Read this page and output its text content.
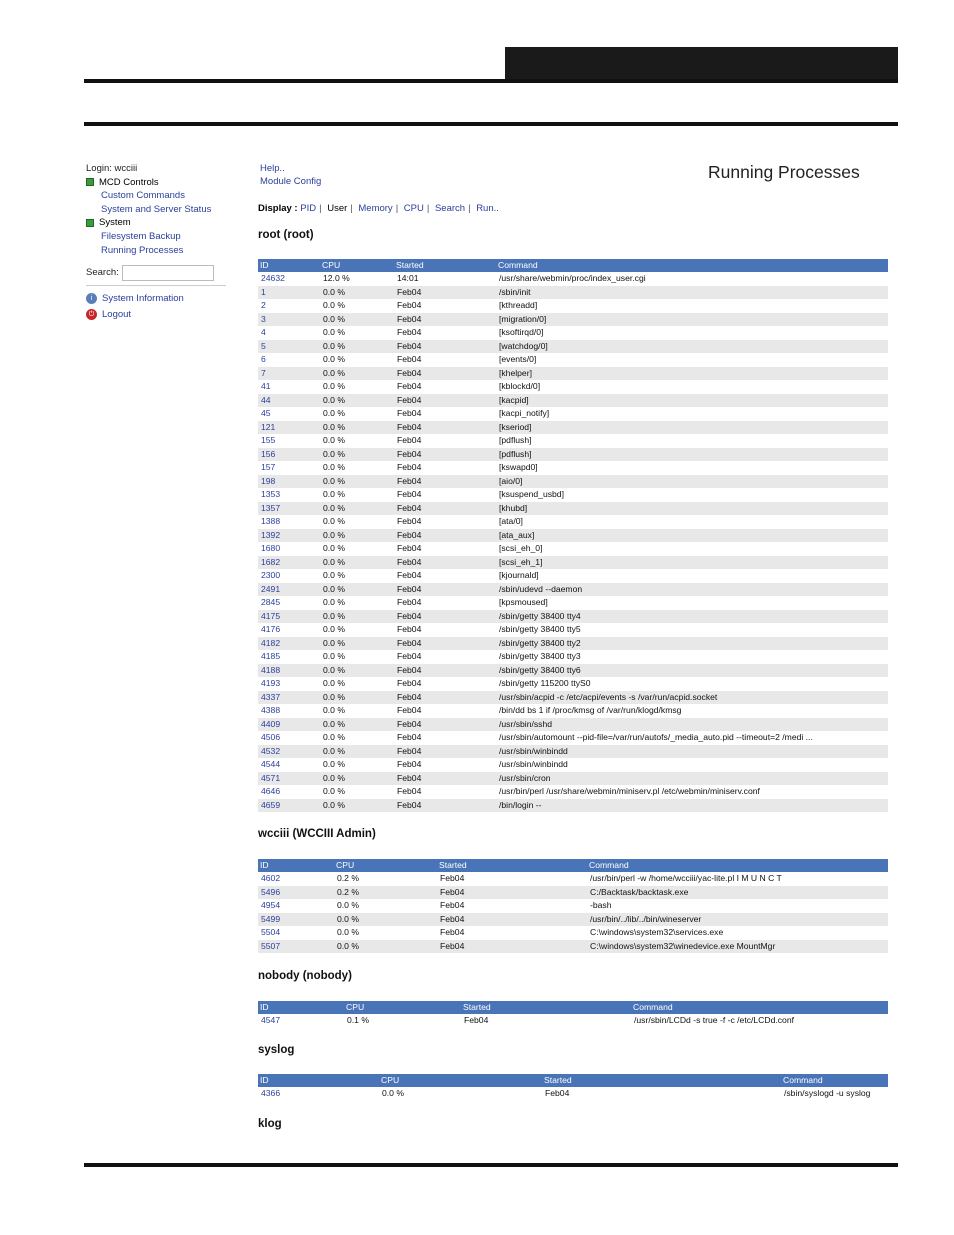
Login: wcciii
MCD Controls
Custom Commands
System and Server Status
System
Filesystem Backup
Running Processes
Search:
i	System Information
⏻ Logout
Help..
Module Config	Running Processes
Display : PID | User | Memory | CPU | Search | Run..
root (root)
ID	CPU	Started	Command
24632	12.0 %	14:01	/usr/share/webmin/proc/index_user.cgi
1	0.0 %	Feb04	/sbin/init
2	0.0 %	Feb04	[kthreadd]
3	0.0 %	Feb04	[migration/0]
4	0.0 %	Feb04	[ksoftirqd/0]
5	0.0 %	Feb04	[watchdog/0]
6	0.0 %	Feb04	[events/0]
7	0.0 %	Feb04	[khelper]
41	0.0 %	Feb04	[kblockd/0]
44	0.0 %	Feb04	[kacpid]
45	0.0 %	Feb04	[kacpi_notify]
121	0.0 %	Feb04	[kseriod]
155	0.0 %	Feb04	[pdflush]
156	0.0 %	Feb04	[pdflush]
157	0.0 %	Feb04	[kswapd0]
198	0.0 %	Feb04	[aio/0]
1353	0.0 %	Feb04	[ksuspend_usbd]
1357	0.0 %	Feb04	[khubd]
1388	0.0 %	Feb04	[ata/0]
1392	0.0 %	Feb04	[ata_aux]
1680	0.0 %	Feb04	[scsi_eh_0]
1682	0.0 %	Feb04	[scsi_eh_1]
2300	0.0 %	Feb04	[kjournald]
2491	0.0 %	Feb04	/sbin/udevd --daemon
2845	0.0 %	Feb04	[kpsmoused]
4175	0.0 %	Feb04	/sbin/getty 38400 tty4
4176	0.0 %	Feb04	/sbin/getty 38400 tty5
4182	0.0 %	Feb04	/sbin/getty 38400 tty2
4185	0.0 %	Feb04	/sbin/getty 38400 tty3
4188	0.0 %	Feb04	/sbin/getty 38400 tty6
4193	0.0 %	Feb04	/sbin/getty 115200 ttyS0
4337	0.0 %	Feb04	/usr/sbin/acpid -c /etc/acpi/events -s /var/run/acpid.socket
4388	0.0 %	Feb04	/bin/dd bs 1 if /proc/kmsg of /var/run/klogd/kmsg
4409	0.0 %	Feb04	/usr/sbin/sshd
4506	0.0 %	Feb04	/usr/sbin/automount --pid-file=/var/run/autofs/_media_auto.pid --timeout=2 /medi ...
4532	0.0 %	Feb04	/usr/sbin/winbindd
4544	0.0 %	Feb04	/usr/sbin/winbindd
4571	0.0 %	Feb04	/usr/sbin/cron
4646	0.0 %	Feb04	/usr/bin/perl /usr/share/webmin/miniserv.pl /etc/webmin/miniserv.conf
4659	0.0 %	Feb04	/bin/login --
wcciii (WCCIII Admin)
ID	CPU	Started	Command
4602	0.2 %	Feb04	/usr/bin/perl -w /home/wcciii/yac-lite.pl I M U N C T
5496	0.2 %	Feb04	C:/Backtask/backtask.exe
4954	0.0 %	Feb04	-bash
5499	0.0 %	Feb04	/usr/bin/../lib/../bin/wineserver
5504	0.0 %	Feb04	C:\windows\system32\services.exe
5507	0.0 %	Feb04	C:\windows\system32\winedevice.exe MountMgr
nobody (nobody)
ID	CPU	Started	Command
4547	0.1 %	Feb04	/usr/sbin/LCDd -s true -f -c /etc/LCDd.conf
syslog
ID	CPU	Started	Command
4366	0.0 %	Feb04	/sbin/syslogd -u syslog
klog
